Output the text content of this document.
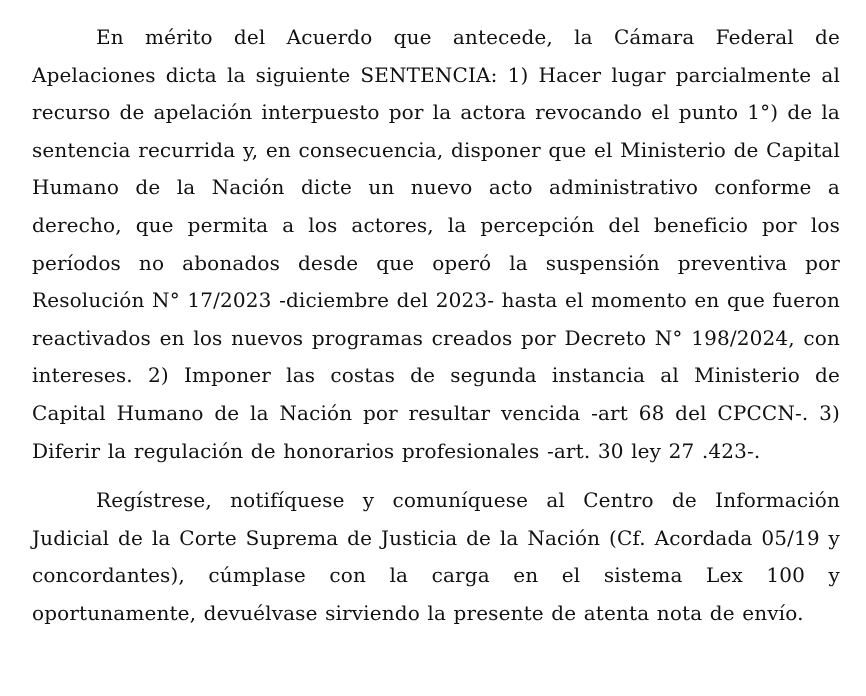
En mérito del Acuerdo que antecede, la Cámara Federal de Apelaciones dicta la siguiente SENTENCIA: 1) Hacer lugar parcialmente al recurso de apelación interpuesto por la actora revocando el punto 1°) de la sentencia recurrida y, en consecuencia, disponer que el Ministerio de Capital Humano de la Nación dicte un nuevo acto administrativo conforme a derecho, que permita a los actores, la percepción del beneficio por los períodos no abonados desde que operó la suspensión preventiva por Resolución N° 17/2023 -diciembre del 2023- hasta el momento en que fueron reactivados en los nuevos programas creados por Decreto N° 198/2024, con intereses. 2) Imponer las costas de segunda instancia al Ministerio de Capital Humano de la Nación por resultar vencida -art 68 del CPCCN-. 3) Diferir la regulación de honorarios profesionales -art. 30 ley 27 .423-.

Regístrese, notifíquese y comuníquese al Centro de Información Judicial de la Corte Suprema de Justicia de la Nación (Cf. Acordada 05/19 y concordantes), cúmplase con la carga en el sistema Lex 100 y oportunamente, devuélvase sirviendo la presente de atenta nota de envío.
